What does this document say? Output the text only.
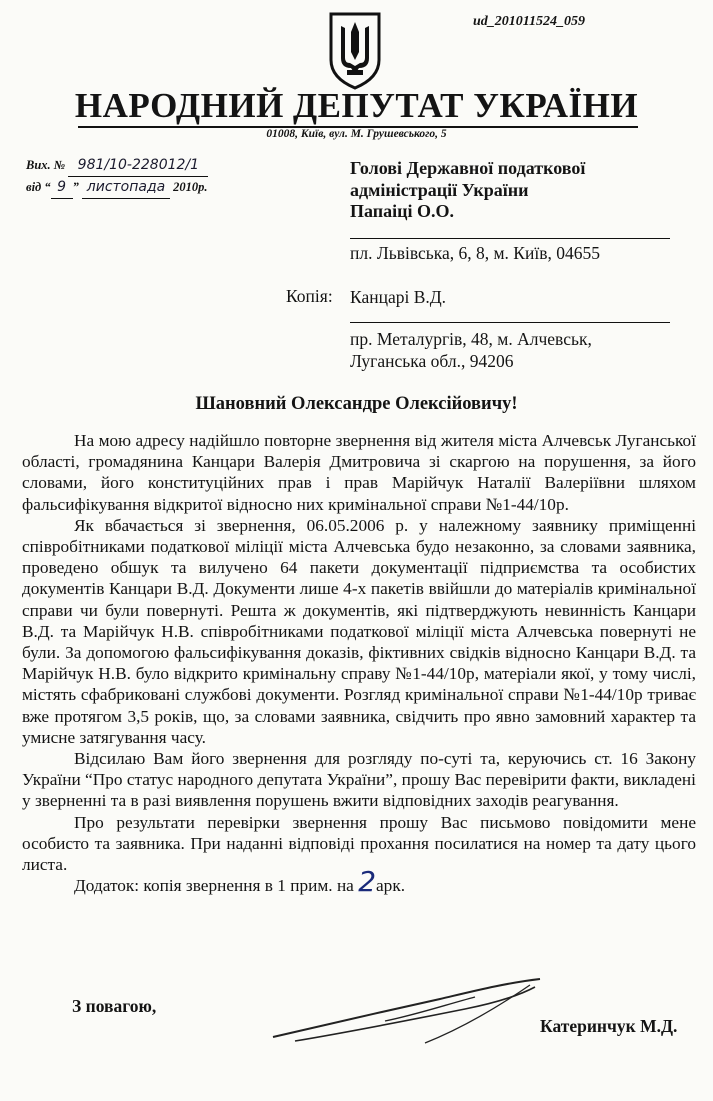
ud_201011524_059
НАРОДНИЙ ДЕПУТАТ УКРАЇНИ
01008, Київ, вул. М. Грушевського, 5
Вих. № 981/10-228012/1
від “ 9 ” листопада 2010р.
Голові Державної податкової
адміністрації України
Папаіці О.О.
пл. Львівська, 6, 8, м. Київ, 04655
Копія: Канцарі В.Д.
пр. Металургів, 48, м. Алчевськ,
Луганська обл., 94206
Шановний Олександре Олексійовичу!

На мою адресу надійшло повторне звернення від жителя міста Алчевськ Луганської області, громадянина Канцари Валерія Дмитровича зі скаргою на порушення, за його словами, його конституційних прав і прав Марійчук Наталії Валеріївни шляхом фальсифікування відкритої відносно них кримінальної справи №1-44/10р.

Як вбачається зі звернення, 06.05.2006 р. у належному заявнику приміщенні співробітниками податкової міліції міста Алчевська будо незаконно, за словами заявника, проведено обшук та вилучено 64 пакети документації підприємства та особистих документів Канцари В.Д. Документи лише 4-х пакетів ввійшли до матеріалів кримінальної справи чи були повернуті. Решта ж документів, які підтверджують невинність Канцари В.Д. та Марійчук Н.В. співробітниками податкової міліції міста Алчевська повернуті не були. За допомогою фальсифікування доказів, фіктивних свідків відносно Канцари В.Д. та Марійчук Н.В. було відкрито кримінальну справу №1-44/10р, матеріали якої, у тому числі, містять сфабриковані службові документи. Розгляд кримінальної справи №1-44/10р триває вже протягом 3,5 років, що, за словами заявника, свідчить про явно замовний характер та умисне затягування часу.

Відсилаю Вам його звернення для розгляду по-суті та, керуючись ст. 16 Закону України “Про статус народного депутата України”, прошу Вас перевірити факти, викладені у зверненні та в разі виявлення порушень вжити відповідних заходів реагування.

Про результати перевірки звернення прошу Вас письмово повідомити мене особисто та заявника. При наданні відповіді прохання посилатися на номер та дату цього листа.

Додаток: копія звернення в 1 прим. на 2арк.

З повагою,
Катеринчук М.Д.
